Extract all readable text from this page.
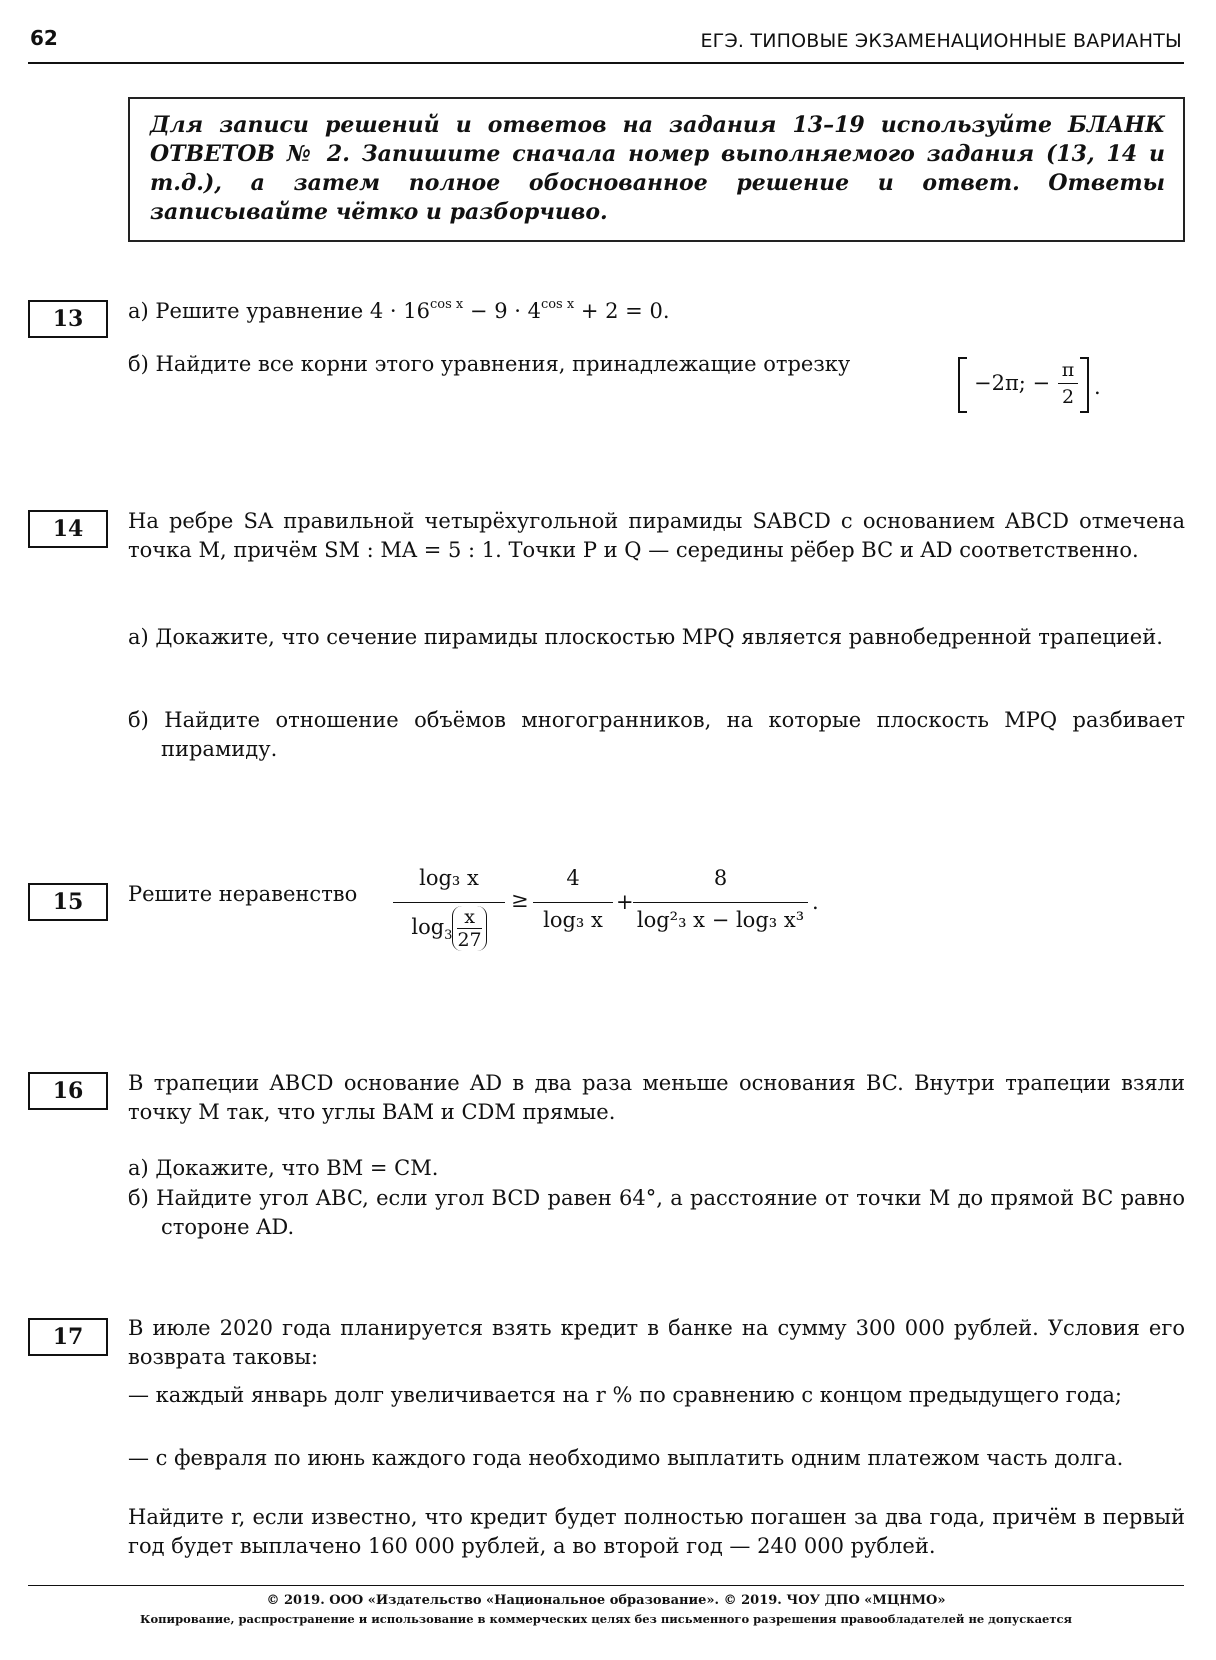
62	ЕГЭ. ТИПОВЫЕ ЭКЗАМЕНАЦИОННЫЕ ВАРИАНТЫ
Для записи решений и ответов на задания 13–19 используйте БЛАНК ОТВЕТОВ № 2. Запишите сначала номер выполняемого задания (13, 14 и т.д.), а затем полное обоснованное решение и ответ. Ответы записывайте чётко и разборчиво.
13	а) Решите уравнение $4 \cdot 16^{cos x} - 9 \cdot 4^{cos x} + 2 = 0$.
б) Найдите все корни этого уравнения, принадлежащие отрезку
−2π; − $\frac{\pi}{2}$ .
14	На ребре SA правильной четырёхугольной пирамиды SABCD с основанием ABCD отмечена точка M, причём SM : MA = 5 : 1. Точки P и Q — середины рёбер BC и AD соответственно.
а) Докажите, что сечение пирамиды плоскостью MPQ является равнобедренной трапецией.
б) Найдите отношение объёмов многогранников, на которые плоскость MPQ разбивает пирамиду.
15	Решите неравенство
log₃ x
$\log_3 \frac{x}{27}$
≥
4
log₃ x
+
8
log²₃ x − log₃ x³
.
16	В трапеции ABCD основание AD в два раза меньше основания BC. Внутри трапеции взяли точку M так, что углы BAM и CDM прямые.
а) Докажите, что BM = CM.
б) Найдите угол ABC, если угол BCD равен 64°, а расстояние от точки M до прямой BC равно стороне AD.
17	В июле 2020 года планируется взять кредит в банке на сумму 300 000 рублей. Условия его возврата таковы:
— каждый январь долг увеличивается на r % по сравнению с концом предыдущего года;
— с февраля по июнь каждого года необходимо выплатить одним платежом часть долга.
Найдите r, если известно, что кредит будет полностью погашен за два года, причём в первый год будет выплачено 160 000 рублей, а во второй год — 240 000 рублей.
© 2019. ООО «Издательство «Национальное образование». © 2019. ЧОУ ДПО «МЦНМО»
Копирование, распространение и использование в коммерческих целях без письменного разрешения правообладателей не допускается
